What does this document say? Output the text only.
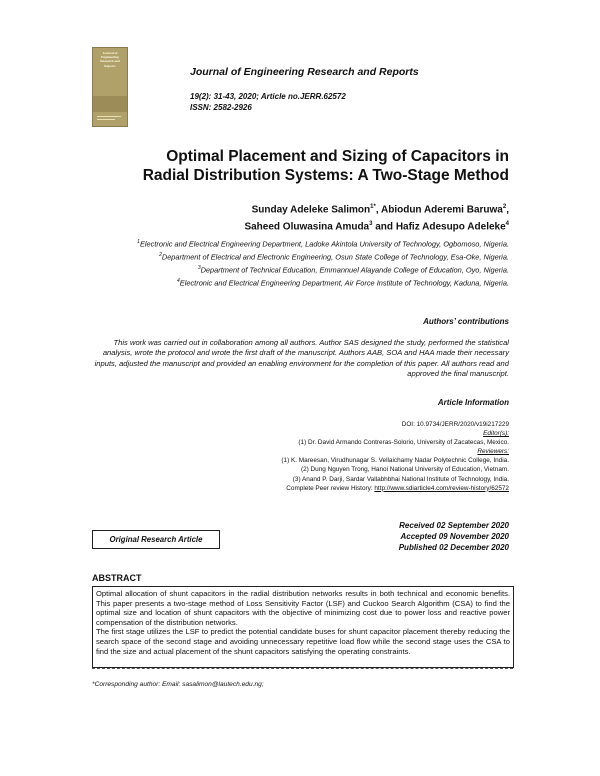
Journal of
Engineering
Research and
Reports
Journal of Engineering Research and Reports
19(2): 31-43, 2020; Article no.JERR.62572
ISSN: 2582-2926
Optimal Placement and Sizing of Capacitors in
Radial Distribution Systems: A Two-Stage Method
Sunday Adeleke Salimon$^{1*}$, Abiodun Aderemi Baruwa$^2$,
Saheed Oluwasina Amuda$^3$ and Hafiz Adesupo Adeleke$^4$
$^1$Electronic and Electrical Engineering Department, Ladoke Akintola University of Technology, Ogbomoso, Nigeria.
$^2$Department of Electrical and Electronic Engineering, Osun State College of Technology, Esa-Oke, Nigeria.
$^3$Department of Technical Education, Emmannuel Alayande College of Education, Oyo, Nigeria.
$^4$Electronic and Electrical Engineering Department, Air Force Institute of Technology, Kaduna, Nigeria.
Authors’ contributions
This work was carried out in collaboration among all authors. Author SAS designed the study, performed the statistical analysis, wrote the protocol and wrote the first draft of the manuscript. Authors AAB, SOA and HAA made their necessary inputs, adjusted the manuscript and provided an enabling environment for the completion of this paper. All authors read and approved the final manuscript.
Article Information
DOI: 10.9734/JERR/2020/v19i217229
Editor(s):
(1) Dr. David Armando Contreras-Solorio, University of Zacatecas, Mexico.
Reviewers:
(1) K. Mareesan, Virudhunagar S. Vellaichamy Nadar Polytechnic College, India.
(2) Dung Nguyen Trong, Hanoi National University of Education, Vietnam.
(3) Anand P. Darji, Sardar Vallabhbhai National Institute of Technology, India.
Complete Peer review History: http://www.sdiarticle4.com/review-history/62572
Original Research Article
Received 02 September 2020
Accepted 09 November 2020
Published 02 December 2020
ABSTRACT

Optimal allocation of shunt capacitors in the radial distribution networks results in both technical and economic benefits. This paper presents a two-stage method of Loss Sensitivity Factor (LSF) and Cuckoo Search Algorithm (CSA) to find the optimal size and location of shunt capacitors with the objective of minimizing cost due to power loss and reactive power compensation of the distribution networks.

The first stage utilizes the LSF to predict the potential candidate buses for shunt capacitor placement thereby reducing the search space of the second stage and avoiding unnecessary repetitive load flow while the second stage uses the CSA to find the size and actual placement of the shunt capacitors satisfying the operating constraints.

*Corresponding author: Email: sasalimon@lautech.edu.ng;
